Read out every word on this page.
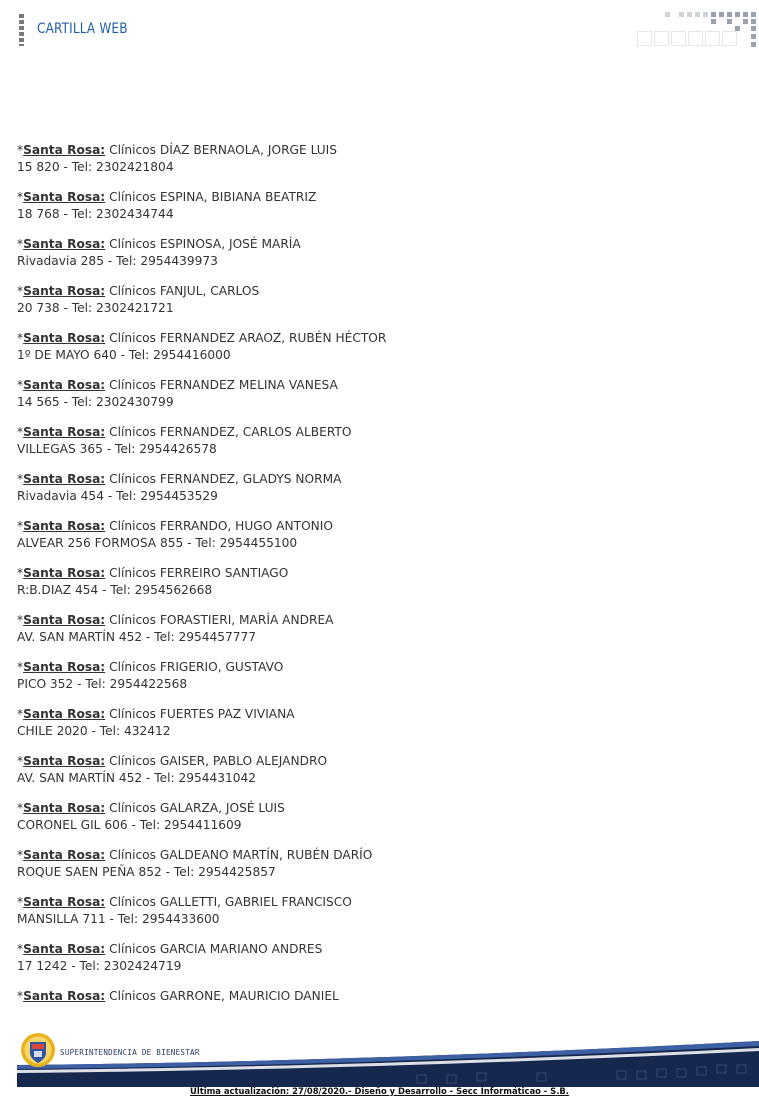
CARTILLA WEB
*Santa Rosa: Clínicos DÍAZ BERNAOLA, JORGE LUIS
15 820 - Tel: 2302421804
*Santa Rosa: Clínicos ESPINA, BIBIANA BEATRIZ
18 768 - Tel: 2302434744
*Santa Rosa: Clínicos ESPINOSA, JOSÉ MARÍA
Rivadavia 285 - Tel: 2954439973
*Santa Rosa: Clínicos FANJUL, CARLOS
20 738 - Tel: 2302421721
*Santa Rosa: Clínicos FERNANDEZ ARAOZ, RUBÉN HÉCTOR
1º DE MAYO 640 - Tel: 2954416000
*Santa Rosa: Clínicos FERNANDEZ MELINA VANESA
14 565 - Tel: 2302430799
*Santa Rosa: Clínicos FERNANDEZ, CARLOS ALBERTO
VILLEGAS 365 - Tel: 2954426578
*Santa Rosa: Clínicos FERNANDEZ, GLADYS NORMA
Rivadavia 454 - Tel: 2954453529
*Santa Rosa: Clínicos FERRANDO, HUGO ANTONIO
ALVEAR 256 FORMOSA 855 - Tel: 2954455100
*Santa Rosa: Clínicos FERREIRO SANTIAGO
R:B.DIAZ 454 - Tel: 2954562668
*Santa Rosa: Clínicos FORASTIERI, MARÍA ANDREA
AV. SAN MARTÍN 452 - Tel: 2954457777
*Santa Rosa: Clínicos FRIGERIO, GUSTAVO
PICO 352 - Tel: 2954422568
*Santa Rosa: Clínicos FUERTES PAZ VIVIANA
CHILE 2020 - Tel: 432412
*Santa Rosa: Clínicos GAISER, PABLO ALEJANDRO
AV. SAN MARTÍN 452 - Tel: 2954431042
*Santa Rosa: Clínicos GALARZA, JOSÉ LUIS
CORONEL GIL 606 - Tel: 2954411609
*Santa Rosa: Clínicos GALDEANO MARTÍN, RUBÉN DARÍO
ROQUE SAEN PEÑA 852 - Tel: 2954425857
*Santa Rosa: Clínicos GALLETTI, GABRIEL FRANCISCO
MANSILLA 711 - Tel: 2954433600
*Santa Rosa: Clínicos GARCIA MARIANO ANDRES
17 1242 - Tel: 2302424719
*Santa Rosa: Clínicos GARRONE, MAURICIO DANIEL
SUPERINTENDENCIA DE BIENESTAR
Última actualización: 27/08/2020.- Diseño y Desarrollo - Secc Informáticao - S.B.
